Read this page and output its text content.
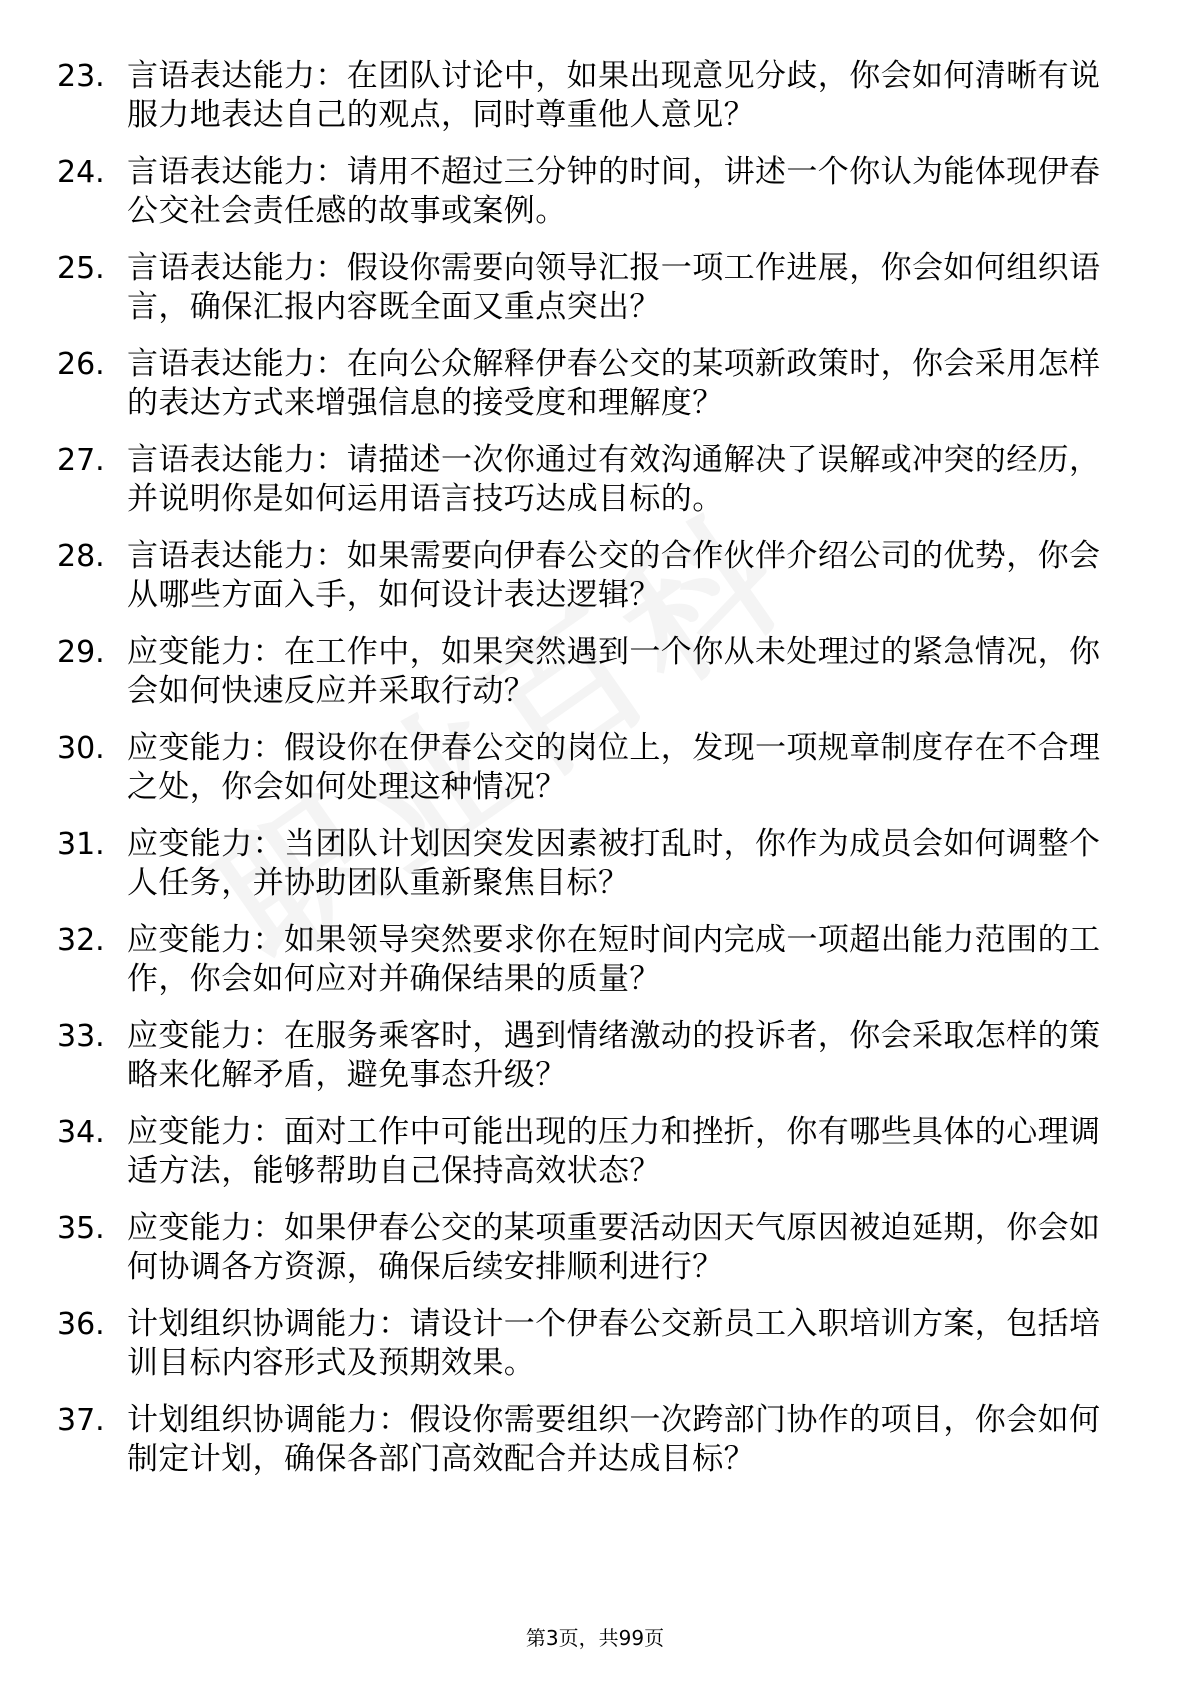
23. 言语表达能力：在团队讨论中，如果出现意见分歧，你会如何清晰有说服力地表达自己的观点，同时尊重他人意见？
24. 言语表达能力：请用不超过三分钟的时间，讲述一个你认为能体现伊春公交社会责任感的故事或案例。
25. 言语表达能力：假设你需要向领导汇报一项工作进展，你会如何组织语言，确保汇报内容既全面又重点突出？
26. 言语表达能力：在向公众解释伊春公交的某项新政策时，你会采用怎样的表达方式来增强信息的接受度和理解度？
27. 言语表达能力：请描述一次你通过有效沟通解决了误解或冲突的经历，并说明你是如何运用语言技巧达成目标的。
28. 言语表达能力：如果需要向伊春公交的合作伙伴介绍公司的优势，你会从哪些方面入手，如何设计表达逻辑？
29. 应变能力：在工作中，如果突然遇到一个你从未处理过的紧急情况，你会如何快速反应并采取行动？
30. 应变能力：假设你在伊春公交的岗位上，发现一项规章制度存在不合理之处，你会如何处理这种情况？
31. 应变能力：当团队计划因突发因素被打乱时，你作为成员会如何调整个人任务，并协助团队重新聚焦目标？
32. 应变能力：如果领导突然要求你在短时间内完成一项超出能力范围的工作，你会如何应对并确保结果的质量？
33. 应变能力：在服务乘客时，遇到情绪激动的投诉者，你会采取怎样的策略来化解矛盾，避免事态升级？
34. 应变能力：面对工作中可能出现的压力和挫折，你有哪些具体的心理调适方法，能够帮助自己保持高效状态？
35. 应变能力：如果伊春公交的某项重要活动因天气原因被迫延期，你会如何协调各方资源，确保后续安排顺利进行？
36. 计划组织协调能力：请设计一个伊春公交新员工入职培训方案，包括培训目标内容形式及预期效果。
37. 计划组织协调能力：假设你需要组织一次跨部门协作的项目，你会如何制定计划，确保各部门高效配合并达成目标？
第3页，共99页
